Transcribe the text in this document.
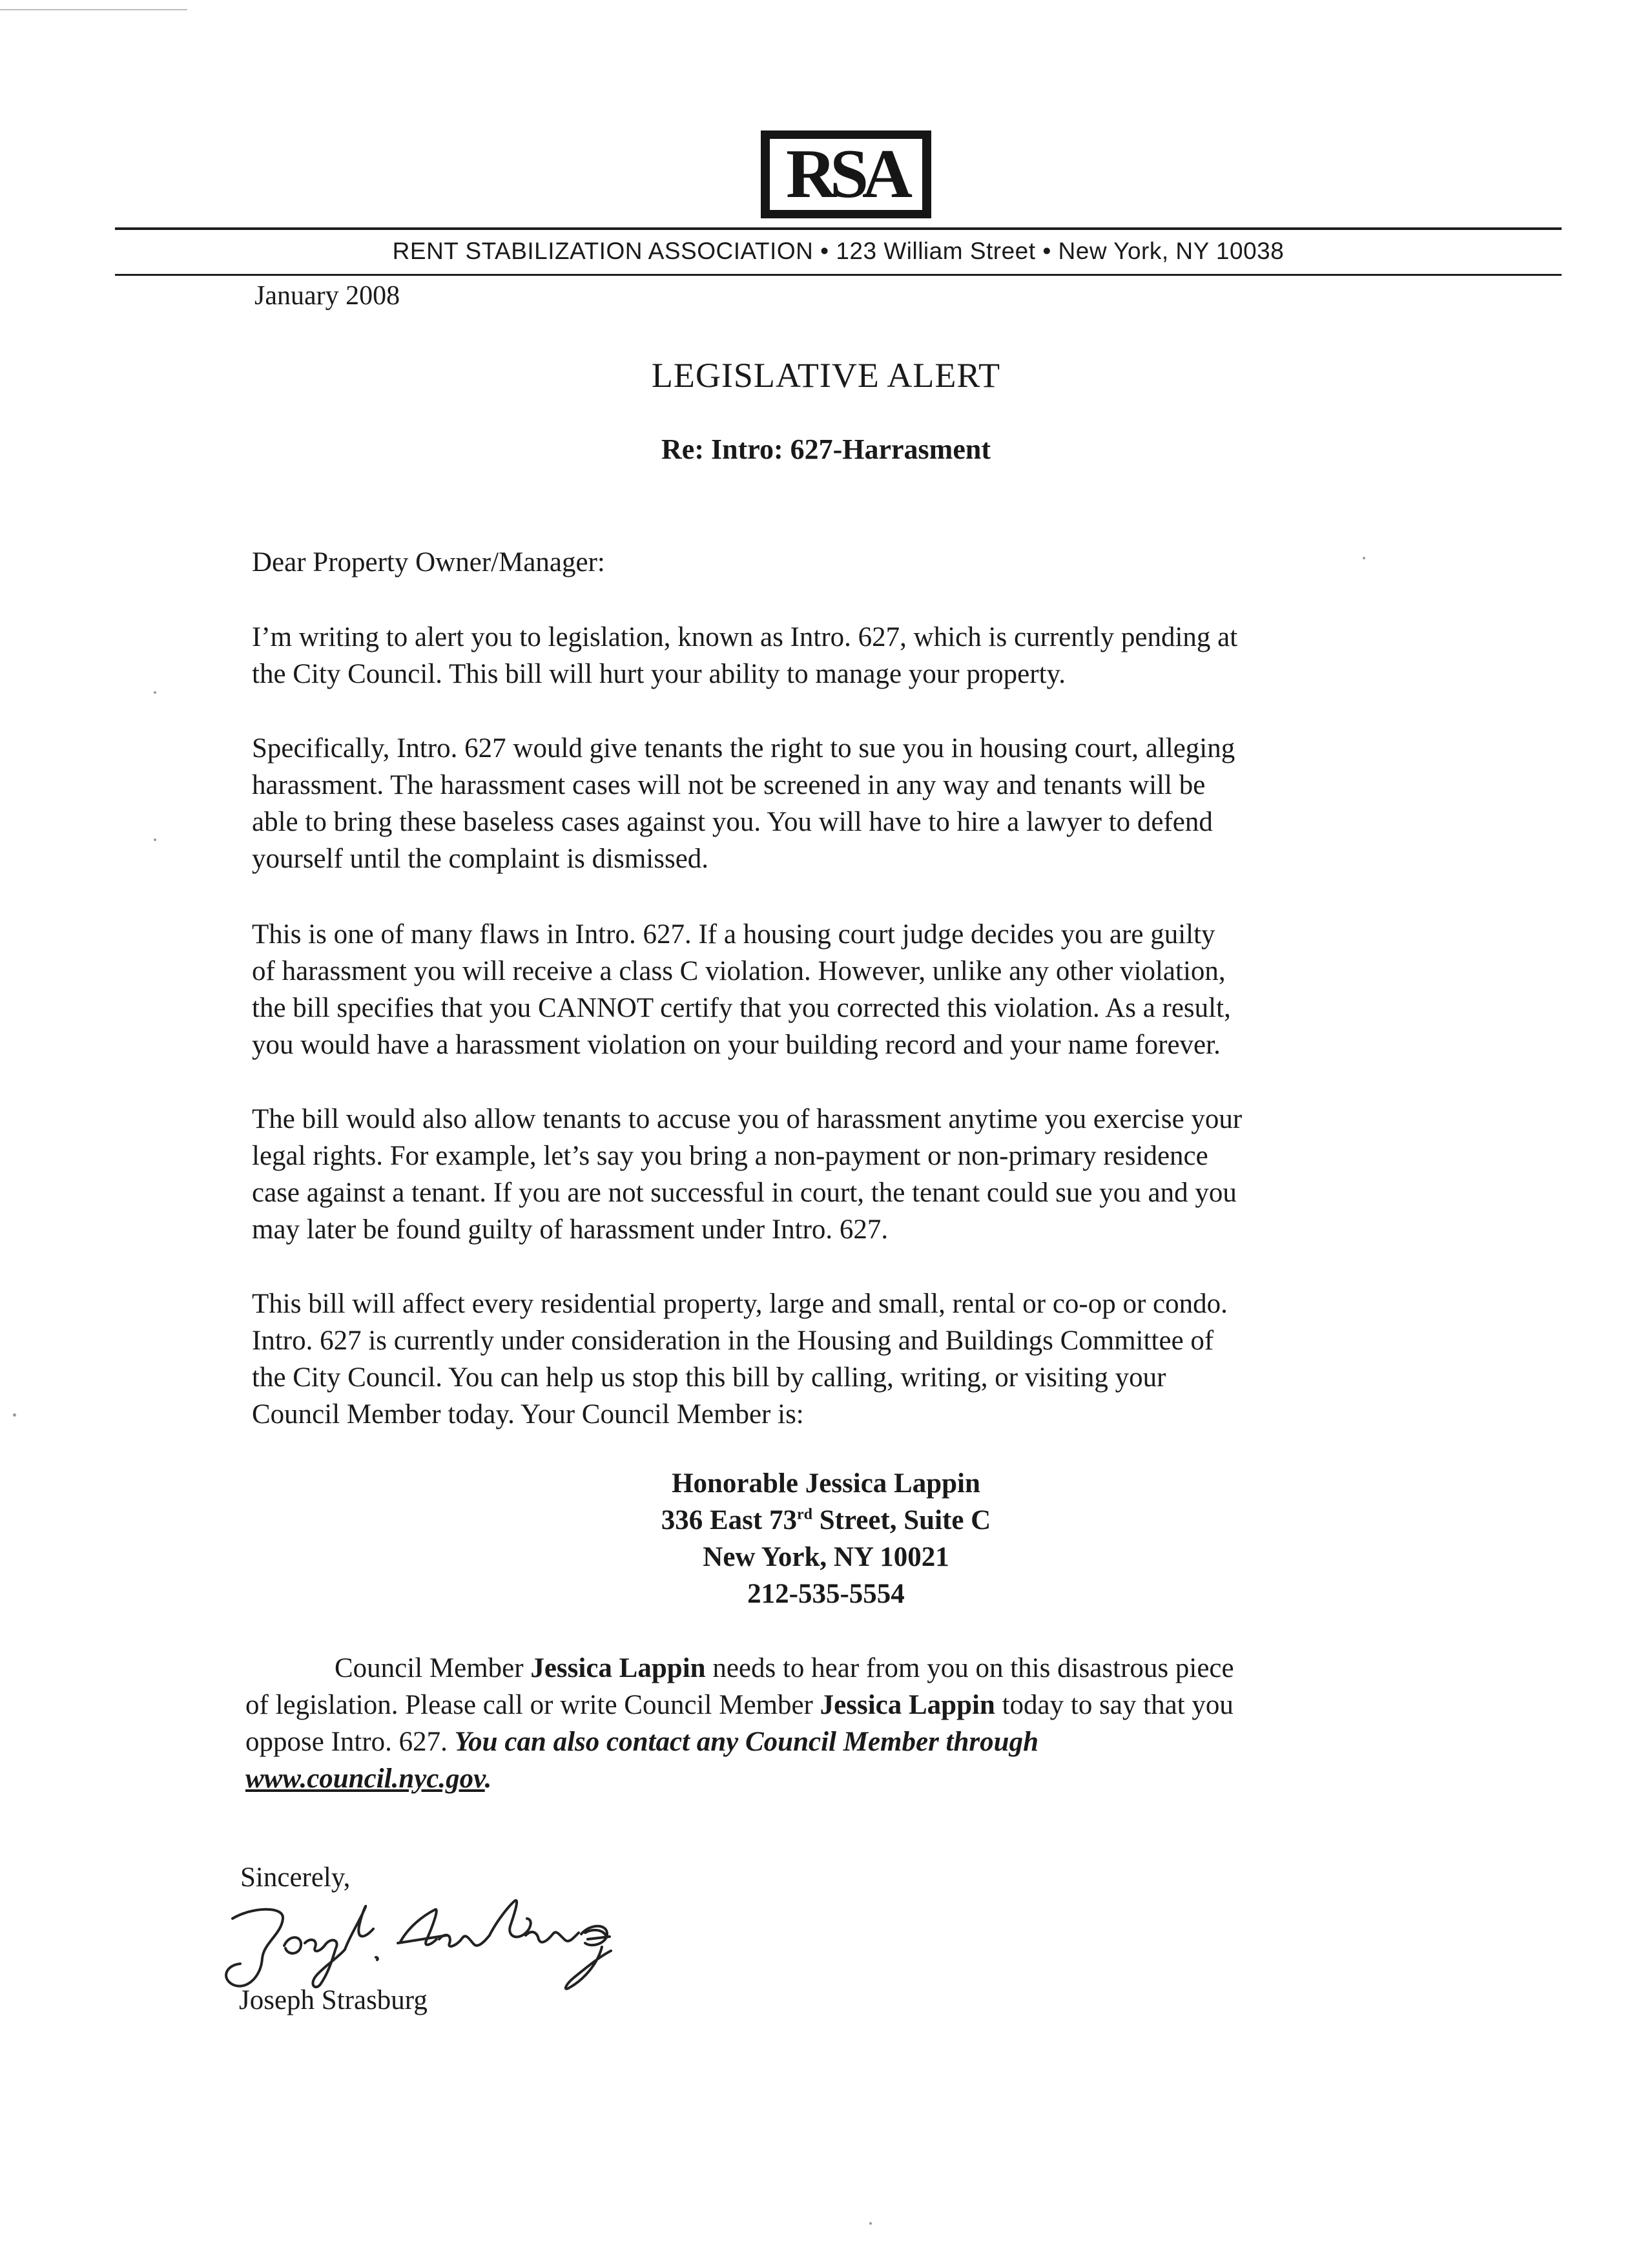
RSA
RENT STABILIZATION ASSOCIATION • 123 William Street • New York, NY 10038
January 2008
LEGISLATIVE ALERT
Re: Intro: 627-Harrasment
Dear Property Owner/Manager:

I’m writing to alert you to legislation, known as Intro. 627, which is currently pending at

the City Council. This bill will hurt your ability to manage your property.

Specifically, Intro. 627 would give tenants the right to sue you in housing court, alleging

harassment. The harassment cases will not be screened in any way and tenants will be

able to bring these baseless cases against you. You will have to hire a lawyer to defend

yourself until the complaint is dismissed.

This is one of many flaws in Intro. 627. If a housing court judge decides you are guilty

of harassment you will receive a class C violation. However, unlike any other violation,

the bill specifies that you CANNOT certify that you corrected this violation. As a result,

you would have a harassment violation on your building record and your name forever.

The bill would also allow tenants to accuse you of harassment anytime you exercise your

legal rights. For example, let’s say you bring a non-payment or non-primary residence

case against a tenant. If you are not successful in court, the tenant could sue you and you

may later be found guilty of harassment under Intro. 627.

This bill will affect every residential property, large and small, rental or co-op or condo.

Intro. 627 is currently under consideration in the Housing and Buildings Committee of

the City Council. You can help us stop this bill by calling, writing, or visiting your

Council Member today. Your Council Member is:

Honorable Jessica Lappin
336 East 73rd Street, Suite C
New York, NY 10021
212-535-5554

Council Member Jessica Lappin needs to hear from you on this disastrous piece

of legislation. Please call or write Council Member Jessica Lappin today to say that you

oppose Intro. 627. You can also contact any Council Member through

www.council.nyc.gov.

Sincerely,
Joseph Strasburg
